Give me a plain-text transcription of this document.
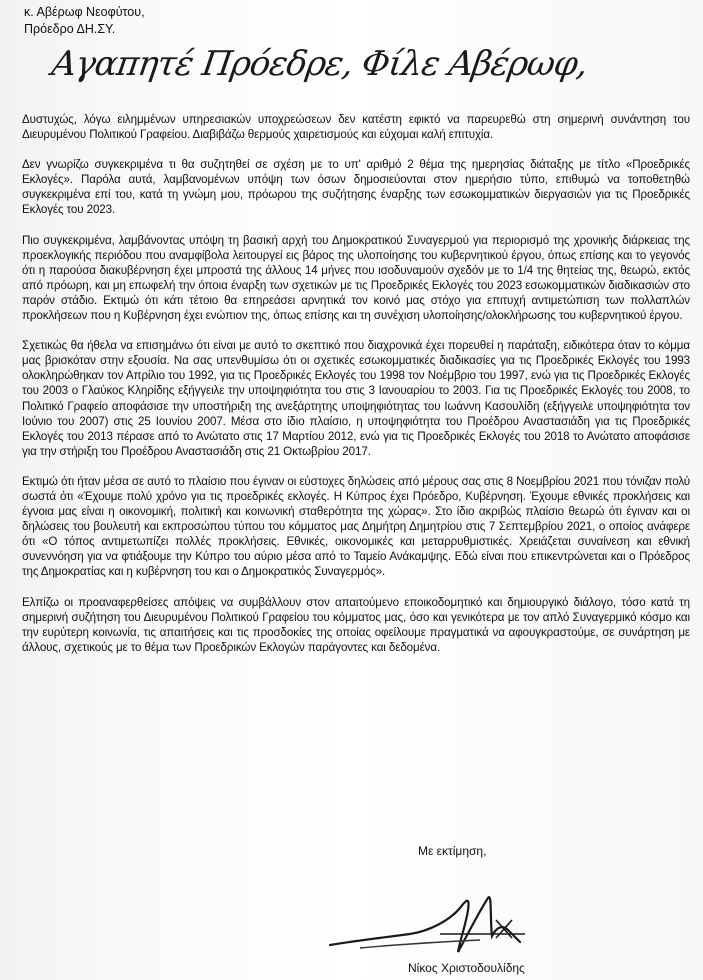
κ. Αβέρωφ Νεοφύτου,
Πρόεδρο ΔΗ.ΣΥ.
Αγαπητέ Πρόεδρε, Φίλε Αβέρωφ,

Δυστυχώς, λόγω ειλημμένων υπηρεσιακών υποχρεώσεων δεν κατέστη εφικτό να παρευρεθώ στη σημερινή συνάντηση του Διευρυμένου Πολιτικού Γραφείου. Διαβιβάζω θερμούς χαιρετισμούς και εύχομαι καλή επιτυχία.

Δεν γνωρίζω συγκεκριμένα τι θα συζητηθεί σε σχέση με το υπ' αριθμό 2 θέμα της ημερησίας διάταξης με τίτλο «Προεδρικές Εκλογές». Παρόλα αυτά, λαμβανομένων υπόψη των όσων δημοσιεύονται στον ημερήσιο τύπο, επιθυμώ να τοποθετηθώ συγκεκριμένα επί του, κατά τη γνώμη μου, πρόωρου της συζήτησης έναρξης των εσωκομματικών διεργασιών για τις Προεδρικές Εκλογές του 2023.

Πιο συγκεκριμένα, λαμβάνοντας υπόψη τη βασική αρχή του Δημοκρατικού Συναγερμού για περιορισμό της χρονικής διάρκειας της προεκλογικής περιόδου που αναμφίβολα λειτουργεί εις βάρος της υλοποίησης του κυβερνητικού έργου, όπως επίσης και το γεγονός ότι η παρούσα διακυβέρνηση έχει μπροστά της άλλους 14 μήνες που ισοδυναμούν σχεδόν με το 1/4 της θητείας της, θεωρώ, εκτός από πρόωρη, και μη επωφελή την όποια έναρξη των σχετικών με τις Προεδρικές Εκλογές του 2023 εσωκομματικών διαδικασιών στο παρόν στάδιο. Εκτιμώ ότι κάτι τέτοιο θα επηρεάσει αρνητικά τον κοινό μας στόχο για επιτυχή αντιμετώπιση των πολλαπλών προκλήσεων που η Κυβέρνηση έχει ενώπιον της, όπως επίσης και τη συνέχιση υλοποίησης/ολοκλήρωσης του κυβερνητικού έργου.

Σχετικώς θα ήθελα να επισημάνω ότι είναι με αυτό το σκεπτικό που διαχρονικά έχει πορευθεί η παράταξη, ειδικότερα όταν το κόμμα μας βρισκόταν στην εξουσία. Να σας υπενθυμίσω ότι οι σχετικές εσωκομματικές διαδικασίες για τις Προεδρικές Εκλογές του 1993 ολοκληρώθηκαν τον Απρίλιο του 1992, για τις Προεδρικές Εκλογές του 1998 τον Νοέμβριο του 1997, ενώ για τις Προεδρικές Εκλογές του 2003 ο Γλαύκος Κληρίδης εξήγγειλε την υποψηφιότητα του στις 3 Ιανουαρίου το 2003. Για τις Προεδρικές Εκλογές του 2008, το Πολιτικό Γραφείο αποφάσισε την υποστήριξη της ανεξάρτητης υποψηφιότητας του Ιωάννη Κασουλίδη (εξήγγειλε υποψηφιότητα τον Ιούνιο του 2007) στις 25 Ιουνίου 2007. Μέσα στο ίδιο πλαίσιο, η υποψηφιότητα του Προέδρου Αναστασιάδη για τις Προεδρικές Εκλογές του 2013 πέρασε από το Ανώτατο στις 17 Μαρτίου 2012, ενώ για τις Προεδρικές Εκλογές του 2018 το Ανώτατο αποφάσισε για την στήριξη του Προέδρου Αναστασιάδη στις 21 Οκτωβρίου 2017.

Εκτιμώ ότι ήταν μέσα σε αυτό το πλαίσιο που έγιναν οι εύστοχες δηλώσεις από μέρους σας στις 8 Νοεμβρίου 2021 που τόνιζαν πολύ σωστά ότι «Έχουμε πολύ χρόνο για τις προεδρικές εκλογές. Η Κύπρος έχει Πρόεδρο, Κυβέρνηση. Έχουμε εθνικές προκλήσεις και έγνοια μας είναι η οικονομική, πολιτική και κοινωνική σταθερότητα της χώρας». Στο ίδιο ακριβώς πλαίσιο θεωρώ ότι έγιναν και οι δηλώσεις του βουλευτή και εκπροσώπου τύπου του κόμματος μας Δημήτρη Δημητρίου στις 7 Σεπτεμβρίου 2021, ο οποίος ανάφερε ότι «Ο τόπος αντιμετωπίζει πολλές προκλήσεις. Εθνικές, οικονομικές και μεταρρυθμιστικές. Χρειάζεται συναίνεση και εθνική συνεννόηση για να φτιάξουμε την Κύπρο του αύριο μέσα από το Ταμείο Ανάκαμψης. Εδώ είναι που επικεντρώνεται και ο Πρόεδρος της Δημοκρατίας και η κυβέρνηση του και ο Δημοκρατικός Συναγερμός».

Ελπίζω οι προαναφερθείσες απόψεις να συμβάλλουν στον απαιτούμενο εποικοδομητικό και δημιουργικό διάλογο, τόσο κατά τη σημερινή συζήτηση του Διευρυμένου Πολιτικού Γραφείου του κόμματος μας, όσο και γενικότερα με τον απλό Συναγερμικό κόσμο και την ευρύτερη κοινωνία, τις απαιτήσεις και τις προσδοκίες της οποίας οφείλουμε πραγματικά να αφουγκραστούμε, σε συνάρτηση με άλλους, σχετικούς με το θέμα των Προεδρικών Εκλογών παράγοντες και δεδομένα.

Με εκτίμηση,
Νίκος Χριστοδουλίδης
